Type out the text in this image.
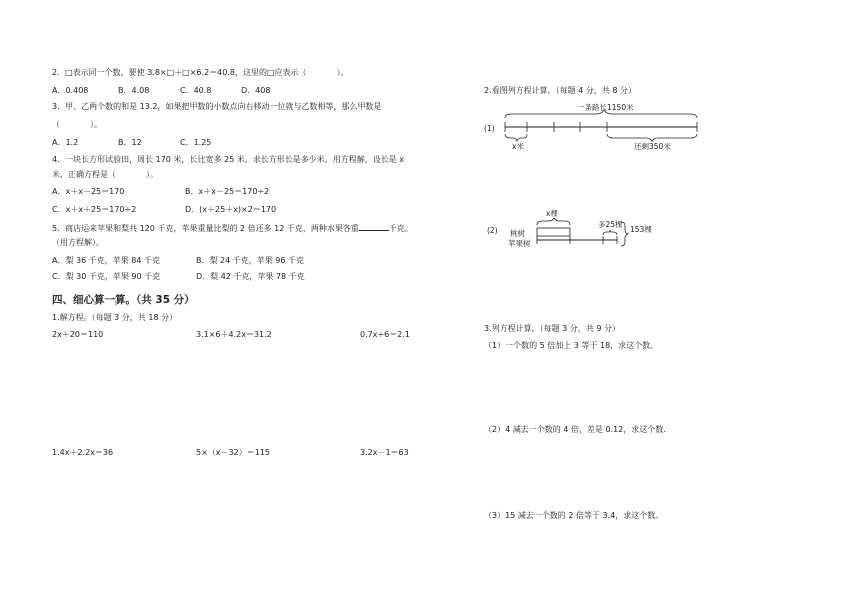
2．□表示同一个数，要使 3.8×□＋□×6.2＝40.8，这里的□应表示（	）。
A．0.408	B．4.08	C．40.8	D．408
3．甲、乙两个数的和是 13.2，如果把甲数的小数点向右移动一位就与乙数相等，那么甲数是
（	）。
A．1.2	B．12	C．1.25
4．一块长方形试验田，周长 170 米，长比宽多 25 米，求长方形长是多少米，用方程解，设长是 x
米，正确方程是（	）。
A．x＋x－25＝170	B．x＋x－25＝170÷2
C．x＋x＋25＝170÷2	D．(x＋25＋x)×2＝170
5．商店运来苹果和梨共 120 千克，苹果重量比梨的 2 倍还多 12 千克，两种水果各重	千克。
（用方程解）。
A．梨 36 千克，苹果 84 千克	B．梨 24 千克，苹果 96 千克
C．梨 30 千克，苹果 90 千克	D．梨 42 千克，苹果 78 千克
四、细心算一算。（共 35 分）
1.解方程。（每题 3 分，共 18 分）
2x＋20＝110	3.1×6＋4.2x＝31.2	0.7x÷6＝2.1
1.4x＋2.2x＝36	5×（x－32）＝115	3.2x－1＝63
2.看图列方程计算。（每题 4 分，共 8 分）
(1)
一条路长1150米
x米	还剩350米
(2)
x棵
桃树
苹果树
多25棵
153棵
3.列方程计算。（每题 3 分，共 9 分）
（1）一个数的 5 倍加上 3 等于 18，求这个数。
（2）4 减去一个数的 4 倍，差是 0.12，求这个数.
（3）15 减去一个数的 2 倍等于 3.4，求这个数。
